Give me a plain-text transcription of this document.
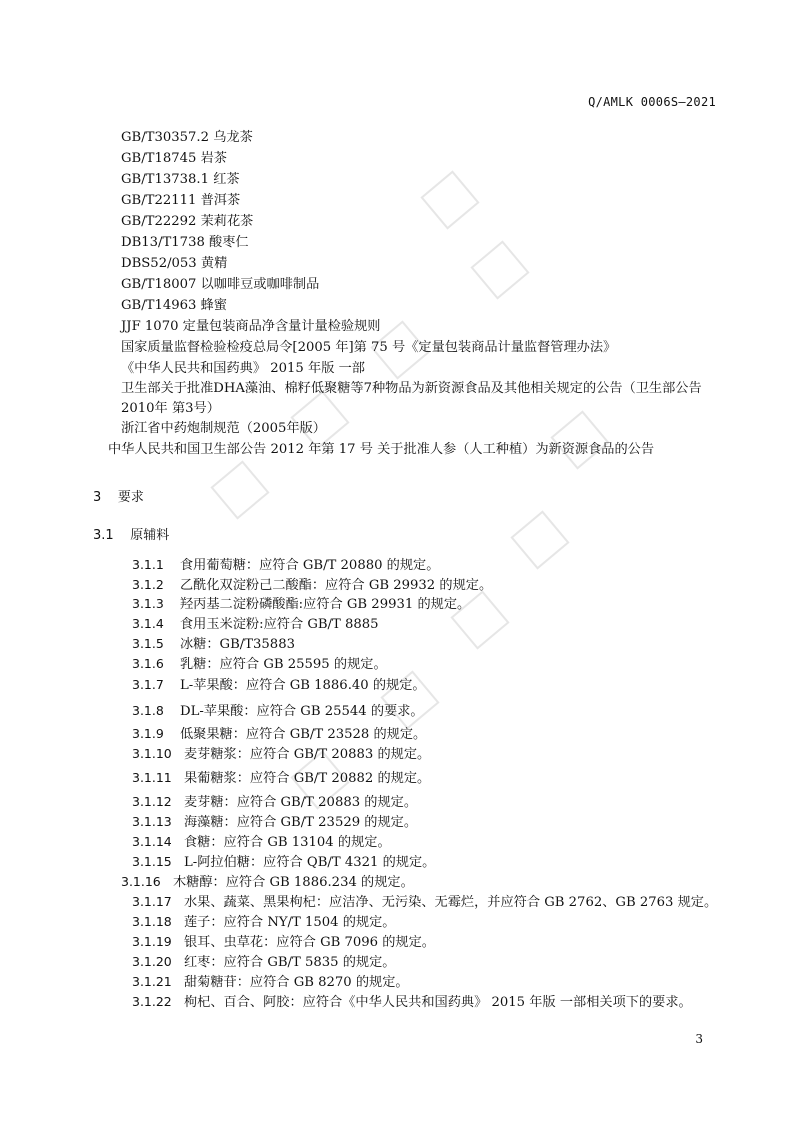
Q/AMLK 0006S—2021
GB/T30357.2 乌龙茶
GB/T18745 岩茶
GB/T13738.1 红茶
GB/T22111 普洱茶
GB/T22292 茉莉花茶
DB13/T1738 酸枣仁
DBS52/053 黄精
GB/T18007 以咖啡豆或咖啡制品
GB/T14963 蜂蜜
JJF 1070 定量包装商品净含量计量检验规则
国家质量监督检验检疫总局令[2005 年]第 75 号《定量包装商品计量监督管理办法》
《中华人民共和国药典》 2015 年版 一部
卫生部关于批准DHA藻油、棉籽低聚糖等7种物品为新资源食品及其他相关规定的公告（卫生部公告
2010年 第3号）
浙江省中药炮制规范（2005年版）
中华人民共和国卫生部公告 2012 年第 17 号 关于批准人参（人工种植）为新资源食品的公告
3 要求
3.1 原辅料
3.1.1 食用葡萄糖：应符合 GB/T 20880 的规定。
3.1.2 乙酰化双淀粉己二酸酯：应符合 GB 29932 的规定。
3.1.3 羟丙基二淀粉磷酸酯:应符合 GB 29931 的规定。
3.1.4 食用玉米淀粉:应符合 GB/T 8885
3.1.5 冰糖：GB/T35883
3.1.6 乳糖：应符合 GB 25595 的规定。
3.1.7 L-苹果酸：应符合 GB 1886.40 的规定。
3.1.8 DL-苹果酸：应符合 GB 25544 的要求。
3.1.9 低聚果糖：应符合 GB/T 23528 的规定。
3.1.10 麦芽糖浆：应符合 GB/T 20883 的规定。
3.1.11 果葡糖浆：应符合 GB/T 20882 的规定。
3.1.12 麦芽糖：应符合 GB/T 20883 的规定。
3.1.13 海藻糖：应符合 GB/T 23529 的规定。
3.1.14 食糖：应符合 GB 13104 的规定。
3.1.15 L-阿拉伯糖：应符合 QB/T 4321 的规定。
3.1.16 木糖醇：应符合 GB 1886.234 的规定。
3.1.17 水果、蔬菜、黑果枸杞：应洁净、无污染、无霉烂，并应符合 GB 2762、GB 2763 规定。
3.1.18 莲子：应符合 NY/T 1504 的规定。
3.1.19 银耳、虫草花：应符合 GB 7096 的规定。
3.1.20 红枣：应符合 GB/T 5835 的规定。
3.1.21 甜菊糖苷：应符合 GB 8270 的规定。
3.1.22 枸杞、百合、阿胶：应符合《中华人民共和国药典》 2015 年版 一部相关项下的要求。
3
